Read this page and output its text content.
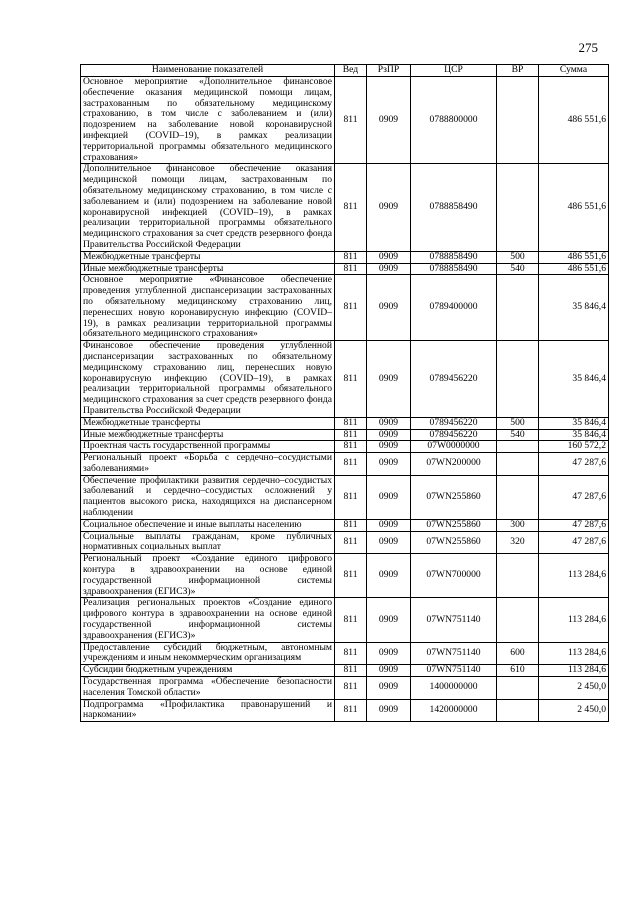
275
Наименование показателей	Вед	РзПР	ЦСР	ВР	Сумма
Основное мероприятие «Дополнительное финансовое обеспечение оказания медицинской помощи лицам, застрахованным по обязательному медицинскому страхованию, в том числе с заболеванием и (или) подозрением на заболевание новой коронавирусной инфекцией (COVID–19), в рамках реализации территориальной программы обязательного медицинского страхования»	811	0909	0788800000		486 551,6
Дополнительное финансовое обеспечение оказания медицинской помощи лицам, застрахованным по обязательному медицинскому страхованию, в том числе с заболеванием и (или) подозрением на заболевание новой коронавирусной инфекцией (COVID–19), в рамках реализации территориальной программы обязательного медицинского страхования за счет средств резервного фонда Правительства Российской Федерации	811	0909	0788858490		486 551,6
Межбюджетные трансферты	811	0909	0788858490	500	486 551,6
Иные межбюджетные трансферты	811	0909	0788858490	540	486 551,6
Основное мероприятие «Финансовое обеспечение проведения углубленной диспансеризации застрахованных по обязательному медицинскому страхованию лиц, перенесших новую коронавирусную инфекцию (COVID–19), в рамках реализации территориальной программы обязательного медицинского страхования»	811	0909	0789400000		35 846,4
Финансовое обеспечение проведения углубленной диспансеризации застрахованных по обязательному медицинскому страхованию лиц, перенесших новую коронавирусную инфекцию (COVID–19), в рамках реализации территориальной программы обязательного медицинского страхования за счет средств резервного фонда Правительства Российской Федерации	811	0909	0789456220		35 846,4
Межбюджетные трансферты	811	0909	0789456220	500	35 846,4
Иные межбюджетные трансферты	811	0909	0789456220	540	35 846,4
Проектная часть государственной программы	811	0909	07W0000000		160 572,2
Региональный проект «Борьба с сердечно–сосудистыми заболеваниями»	811	0909	07WN200000		47 287,6
Обеспечение профилактики развития сердечно–сосудистых заболеваний и сердечно–сосудистых осложнений у пациентов высокого риска, находящихся на диспансерном наблюдении	811	0909	07WN255860		47 287,6
Социальное обеспечение и иные выплаты населению	811	0909	07WN255860	300	47 287,6
Социальные выплаты гражданам, кроме публичных нормативных социальных выплат	811	0909	07WN255860	320	47 287,6
Региональный проект «Создание единого цифрового контура в здравоохранении на основе единой государственной информационной системы здравоохранения (ЕГИСЗ)»	811	0909	07WN700000		113 284,6
Реализация региональных проектов «Создание единого цифрового контура в здравоохранении на основе единой государственной информационной системы здравоохранения (ЕГИСЗ)»	811	0909	07WN751140		113 284,6
Предоставление субсидий бюджетным, автономным учреждениям и иным некоммерческим организациям	811	0909	07WN751140	600	113 284,6
Субсидии бюджетным учреждениям	811	0909	07WN751140	610	113 284,6
Государственная программа «Обеспечение безопасности населения Томской области»	811	0909	1400000000		2 450,0
Подпрограмма «Профилактика правонарушений и наркомании»	811	0909	1420000000		2 450,0
